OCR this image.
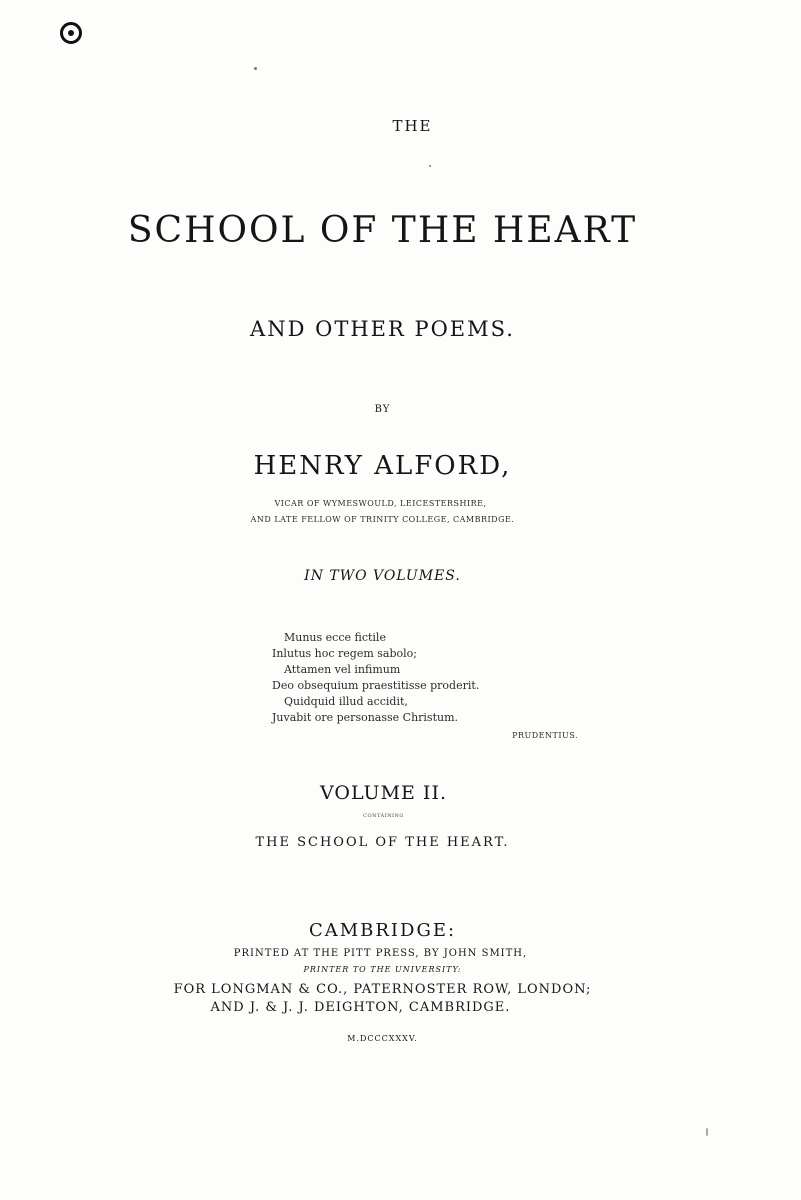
THE
SCHOOL OF THE HEART
AND OTHER POEMS.
BY
HENRY ALFORD,
VICAR OF WYMESWOULD, LEICESTERSHIRE,
AND LATE FELLOW OF TRINITY COLLEGE, CAMBRIDGE.
IN TWO VOLUMES.
Munus ecce fictile
Inlutus hoc regem sabolo;
Attamen vel infimum
Deo obsequium praestitisse proderit.
Quidquid illud accidit,
Juvabit ore personasse Christum.
PRUDENTIUS.
VOLUME II.
CONTAINING
THE SCHOOL OF THE HEART.
CAMBRIDGE:
PRINTED AT THE PITT PRESS, BY JOHN SMITH,
PRINTER TO THE UNIVERSITY:
FOR LONGMAN & CO., PATERNOSTER ROW, LONDON;
AND J. & J. J. DEIGHTON, CAMBRIDGE.
M.DCCCXXXV.
